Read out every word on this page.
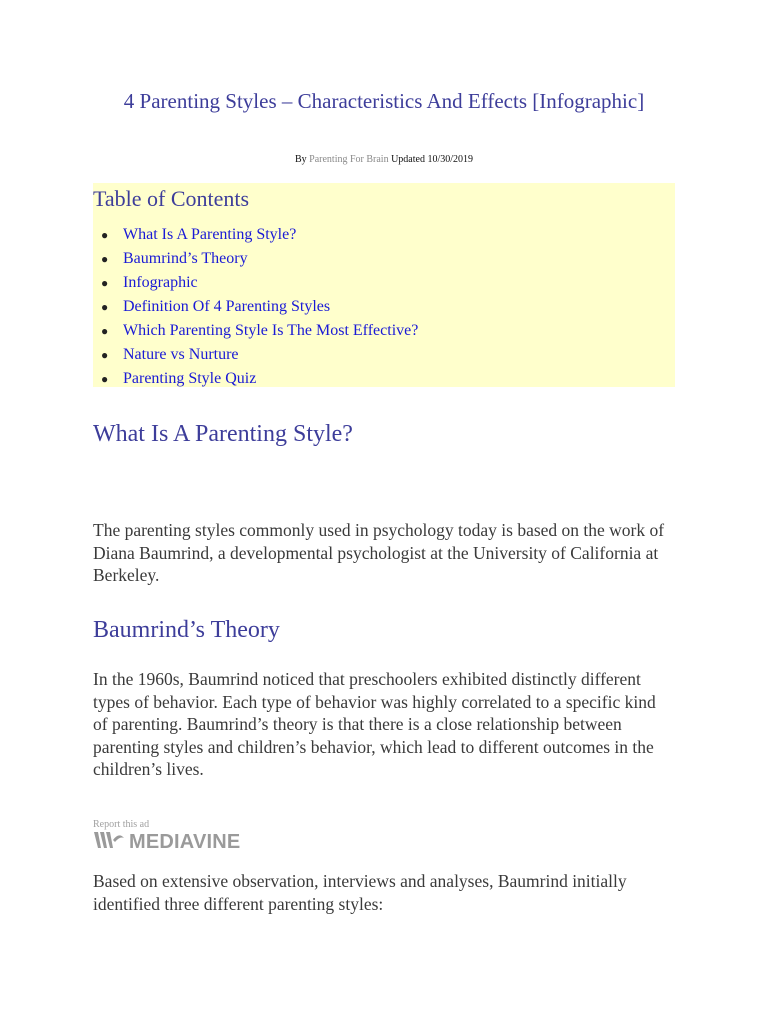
4 Parenting Styles – Characteristics And Effects [Infographic]
By Parenting For Brain Updated 10/30/2019
Table of Contents
● What Is A Parenting Style?
● Baumrind’s Theory
● Infographic
● Definition Of 4 Parenting Styles
● Which Parenting Style Is The Most Effective?
● Nature vs Nurture
● Parenting Style Quiz
What Is A Parenting Style?

The parenting styles commonly used in psychology today is based on the work of Diana Baumrind, a developmental psychologist at the University of California at Berkeley.

Baumrind’s Theory

In the 1960s, Baumrind noticed that preschoolers exhibited distinctly different types of behavior. Each type of behavior was highly correlated to a specific kind of parenting. Baumrind’s theory is that there is a close relationship between parenting styles and children’s behavior, which lead to different outcomes in the children’s lives.

Report this ad
MEDIAVINE

Based on extensive observation, interviews and analyses, Baumrind initially identified three different parenting styles:
